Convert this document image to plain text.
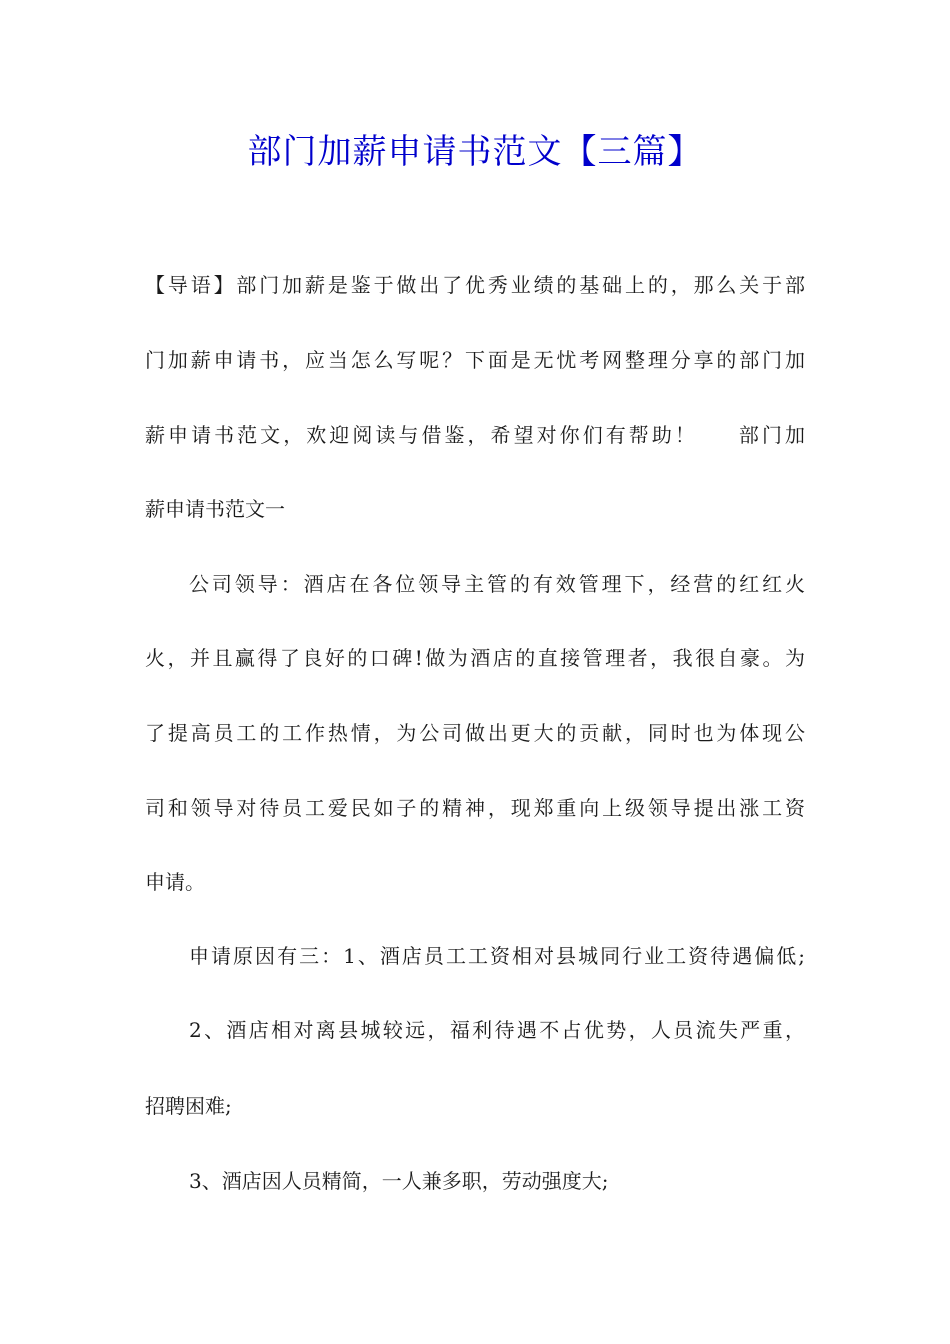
部门加薪申请书范文【三篇】
【导语】部门加薪是鉴于做出了优秀业绩的基础上的，那么关于部
门加薪申请书，应当怎么写呢？下面是无忧考网整理分享的部门加
薪申请书范文，欢迎阅读与借鉴，希望对你们有帮助！ 部门加
薪申请书范文一
公司领导：酒店在各位领导主管的有效管理下，经营的红红火
火，并且赢得了良好的口碑!做为酒店的直接管理者，我很自豪。为
了提高员工的工作热情，为公司做出更大的贡献，同时也为体现公
司和领导对待员工爱民如子的精神，现郑重向上级领导提出涨工资
申请。
申请原因有三：1、酒店员工工资相对县城同行业工资待遇偏低;
2、酒店相对离县城较远，福利待遇不占优势，人员流失严重，
招聘困难;
3、酒店因人员精简，一人兼多职，劳动强度大;
